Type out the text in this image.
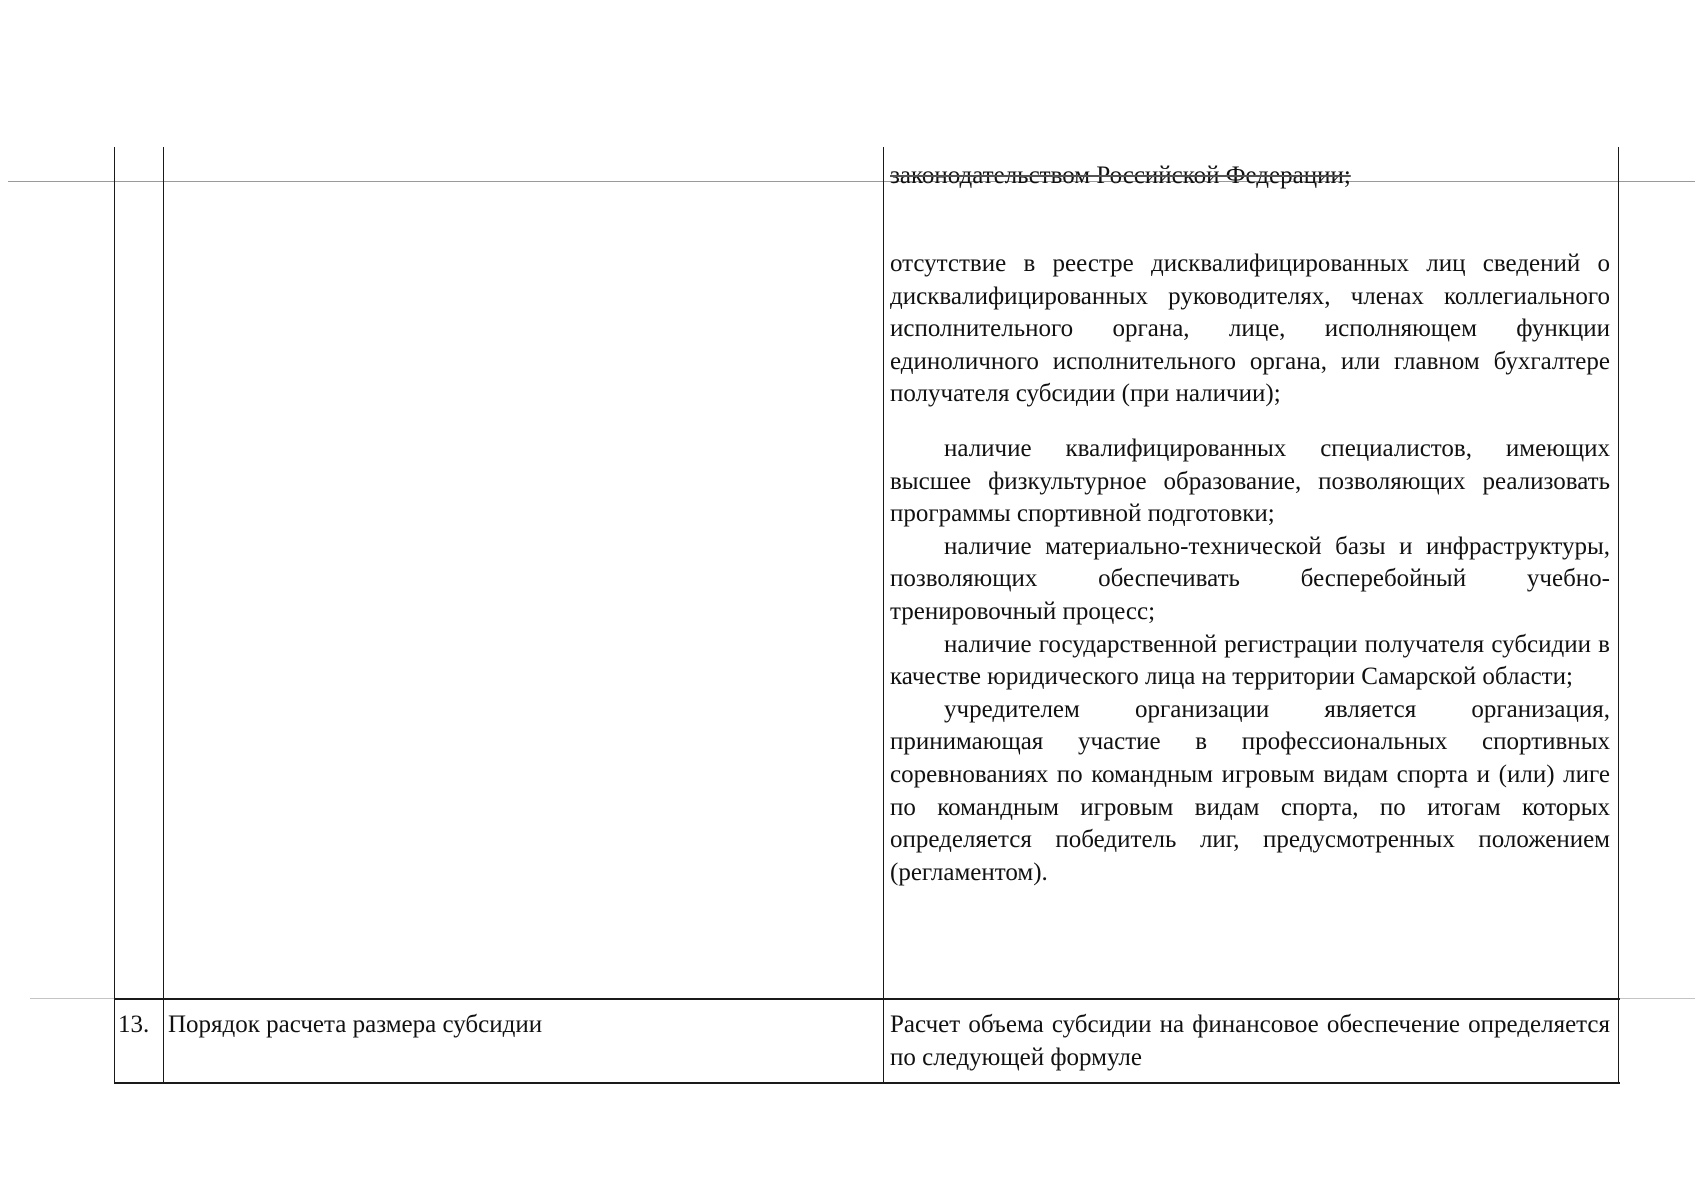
законодательством Российской Федерации;

отсутствие в реестре дисквалифицированных лиц сведений о дисквалифицированных руководителях, членах коллегиального исполнительного органа, лице, исполняющем функции единоличного исполнительного органа, или главном бухгалтере получателя субсидии (при наличии);

наличие квалифицированных специалистов, имеющих высшее физкультурное образование, позволяющих реализовать программы спортивной подготовки;

наличие материально-технической базы и инфраструктуры, позволяющих обеспечивать бесперебойный учебно-тренировочный процесс;

наличие государственной регистрации получателя субсидии в качестве юридического лица на территории Самарской области;

учредителем организации является организация, принимающая участие в профессиональных спортивных соревнованиях по командным игровым видам спорта и (или) лиге по командным игровым видам спорта, по итогам которых определяется победитель лиг, предусмотренных положением (регламентом).

13. Порядок расчета размера субсидии	Расчет объема субсидии на финансовое обеспечение определяется по следующей формуле
